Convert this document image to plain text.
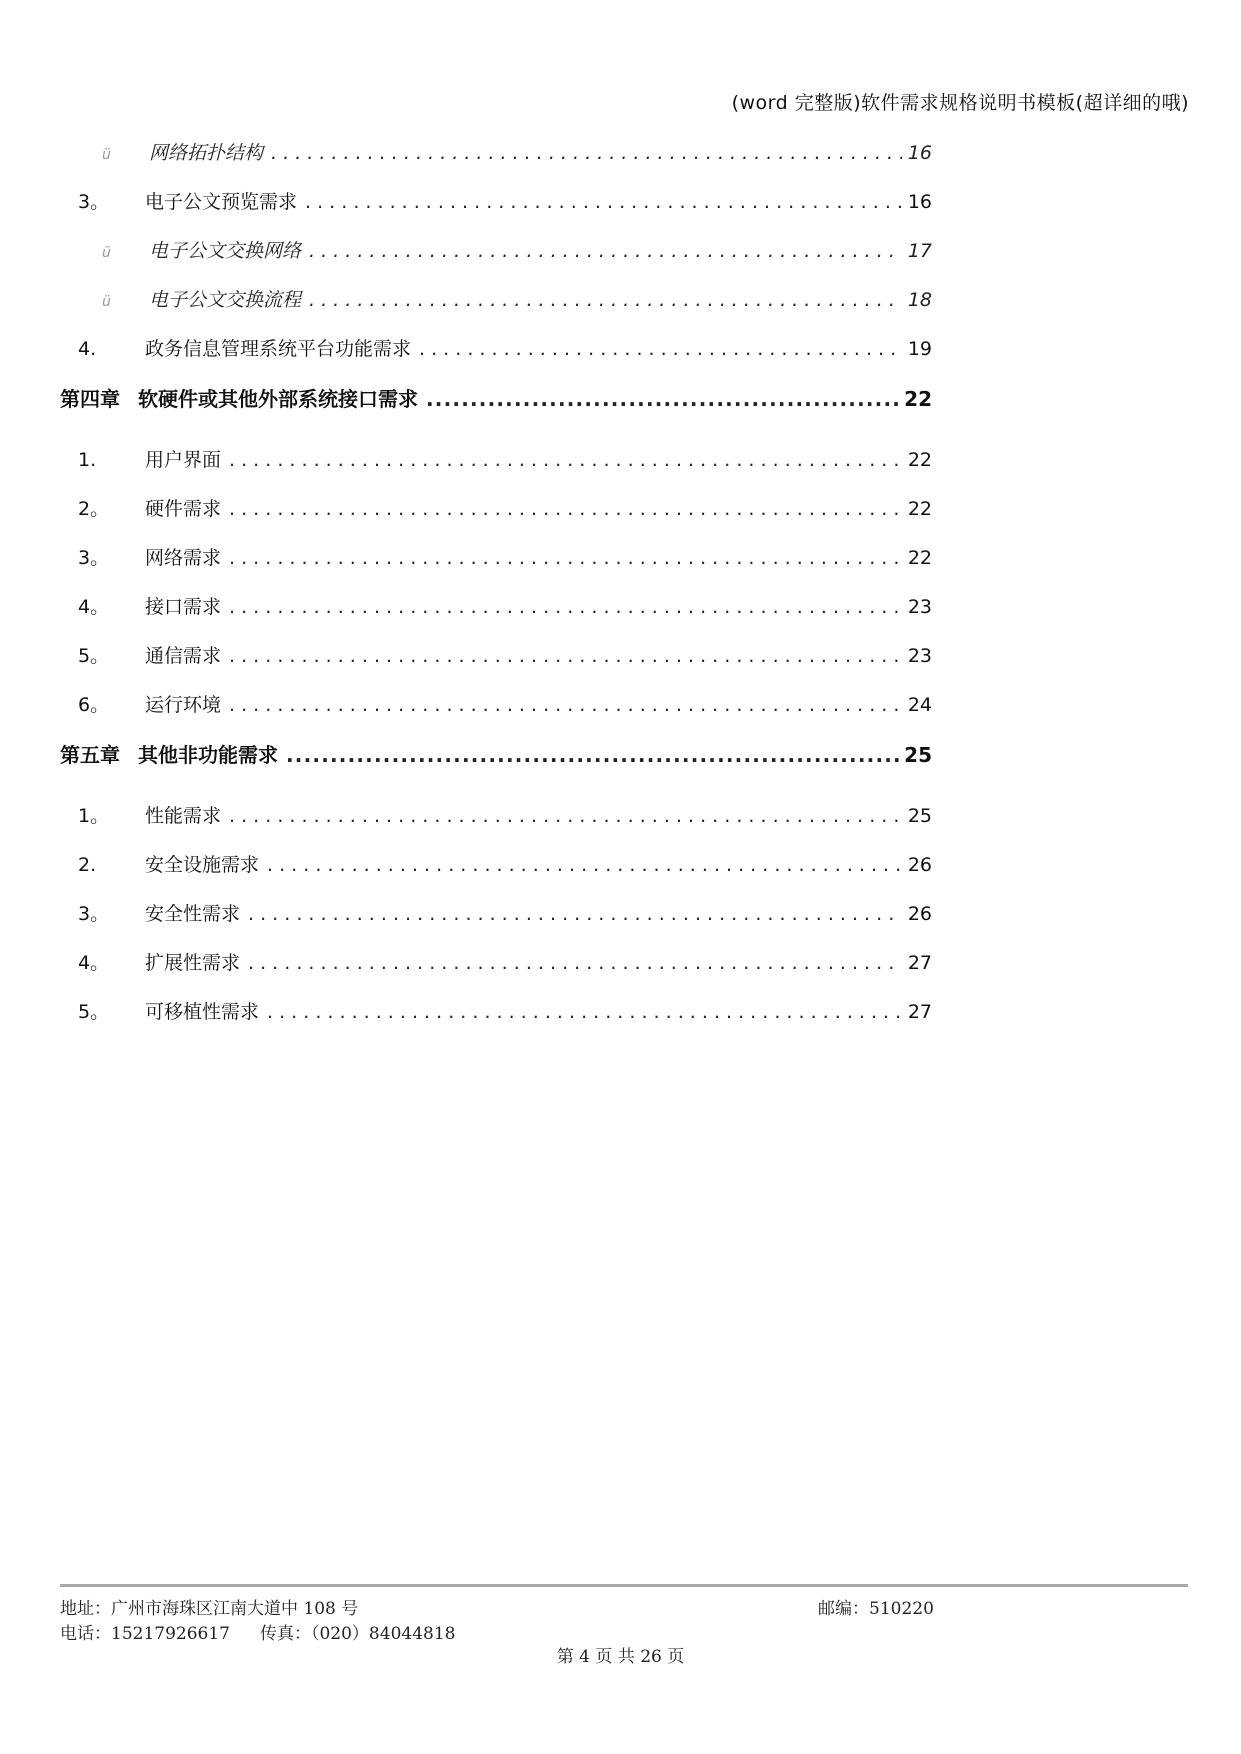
(word 完整版)软件需求规格说明书模板(超详细的哦)
ü	网络拓扑结构 . . .	16
3。	电子公文预览需求 . . .	16
ü	电子公文交换网络 . . .	17
ü	电子公文交换流程 . . .	18
4.	政务信息管理系统平台功能需求 . . .	19
第四章 软硬件或其他外部系统接口需求 .....	22
1.	用户界面 . . .	22
2。	硬件需求 . . .	22
3。	网络需求 . . .	22
4。	接口需求 . . .	23
5。	通信需求 . . .	23
6。	运行环境 . . .	24
第五章 其他非功能需求 .....	25
1。	性能需求 . . .	25
2.	安全设施需求 . . .	26
3。	安全性需求 . . .	26
4。	扩展性需求 . . .	27
5。	可移植性需求 . . .	27
地址：广州市海珠区江南大道中 108 号	邮编：510220
电话：15217926617 传真：（020）84044818
第 4 页 共 26 页
